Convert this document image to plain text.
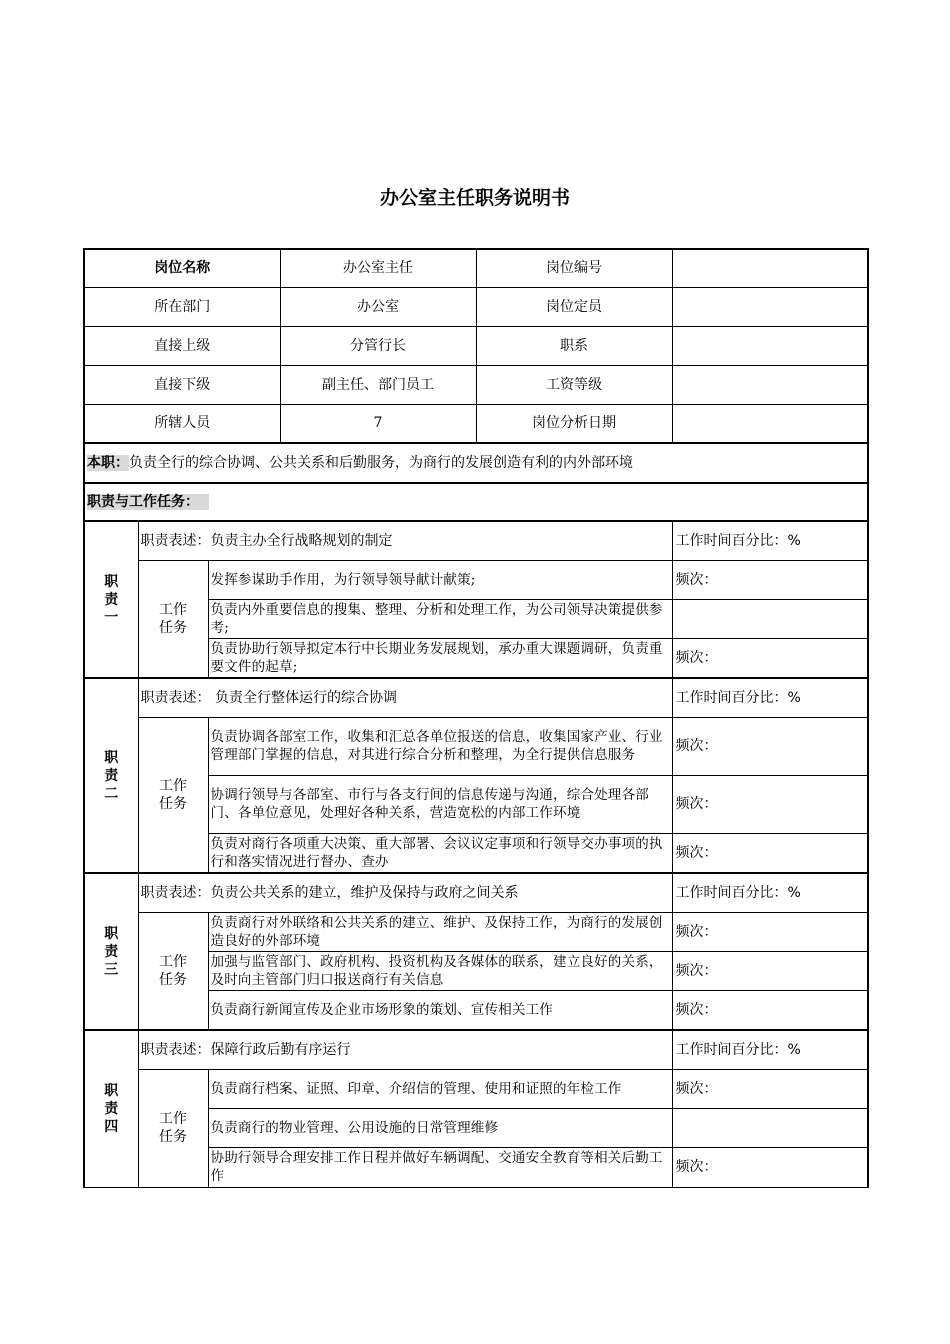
办公室主任职务说明书
岗位名称			办公室主任	岗位编号	
所在部门			办公室	岗位定员	
直接上级			分管行长	职系	
直接下级			副主任、部门员工	工资等级	
所辖人员			7	岗位分析日期	
本职：负责全行的综合协调、公共关系和后勤服务，为商行的发展创造有利的内外部环境					
职责与工作任务：					
职
责
一	职责表述：负责主办全行战略规划的制定				工作时间百分比：%
	工作
任务	发挥参谋助手作用，为行领导领导献计献策;			频次：
		负责内外重要信息的搜集、整理、分析和处理工作，为公司领导决策提供参考;			
		负责协助行领导拟定本行中长期业务发展规划，承办重大课题调研，负责重要文件的起草;			频次：
职
责
二	职责表述： 负责全行整体运行的综合协调				工作时间百分比：%
	工作
任务	负责协调各部室工作，收集和汇总各单位报送的信息，收集国家产业、行业管理部门掌握的信息，对其进行综合分析和整理，为全行提供信息服务			频次：
		协调行领导与各部室、市行与各支行间的信息传递与沟通，综合处理各部门、各单位意见，处理好各种关系，营造宽松的内部工作环境			频次：
		负责对商行各项重大决策、重大部署、会议议定事项和行领导交办事项的执行和落实情况进行督办、查办			频次：
职
责
三	职责表述：负责公共关系的建立，维护及保持与政府之间关系				工作时间百分比：%
	工作
任务	负责商行对外联络和公共关系的建立、维护、及保持工作，为商行的发展创造良好的外部环境			频次：
		加强与监管部门、政府机构、投资机构及各媒体的联系，建立良好的关系，及时向主管部门归口报送商行有关信息			频次：
		负责商行新闻宣传及企业市场形象的策划、宣传相关工作			频次：
职
责
四	职责表述：保障行政后勤有序运行				工作时间百分比：%
	工作
任务	负责商行档案、证照、印章、介绍信的管理、使用和证照的年检工作			频次：
		负责商行的物业管理、公用设施的日常管理维修			
		协助行领导合理安排工作日程并做好车辆调配、交通安全教育等相关后勤工作			频次：
